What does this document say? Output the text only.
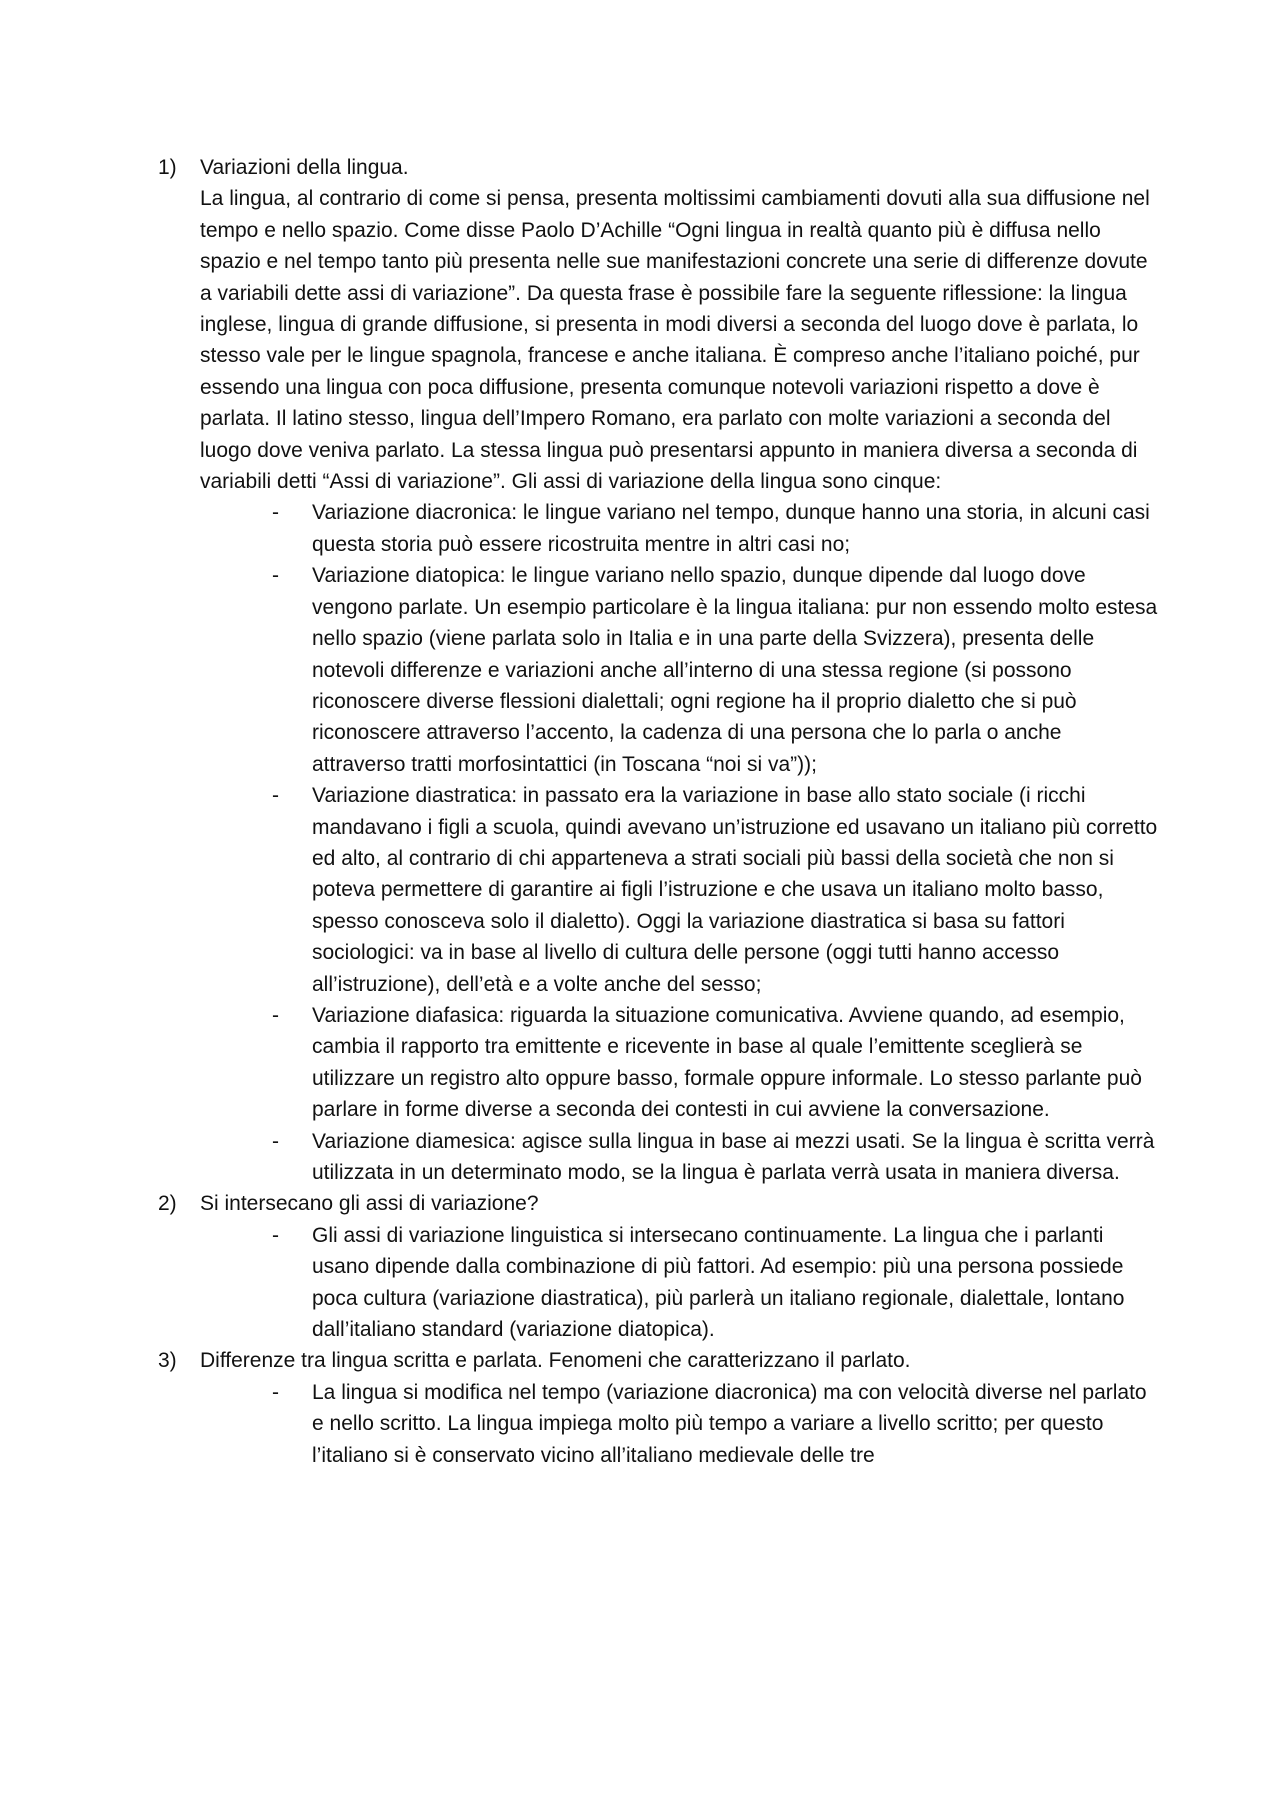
1) Variazioni della lingua.
La lingua, al contrario di come si pensa, presenta moltissimi cambiamenti dovuti alla sua diffusione nel tempo e nello spazio. Come disse Paolo D’Achille “Ogni lingua in realtà quanto più è diffusa nello spazio e nel tempo tanto più presenta nelle sue manifestazioni concrete una serie di differenze dovute a variabili dette assi di variazione”. Da questa frase è possibile fare la seguente riflessione: la lingua inglese, lingua di grande diffusione, si presenta in modi diversi a seconda del luogo dove è parlata, lo stesso vale per le lingue spagnola, francese e anche italiana. È compreso anche l’italiano poiché, pur essendo una lingua con poca diffusione, presenta comunque notevoli variazioni rispetto a dove è parlata. Il latino stesso, lingua dell’Impero Romano, era parlato con molte variazioni a seconda del luogo dove veniva parlato. La stessa lingua può presentarsi appunto in maniera diversa a seconda di variabili detti “Assi di variazione”. Gli assi di variazione della lingua sono cinque:
- Variazione diacronica: le lingue variano nel tempo, dunque hanno una storia, in alcuni casi questa storia può essere ricostruita mentre in altri casi no;
- Variazione diatopica: le lingue variano nello spazio, dunque dipende dal luogo dove vengono parlate. Un esempio particolare è la lingua italiana: pur non essendo molto estesa nello spazio (viene parlata solo in Italia e in una parte della Svizzera), presenta delle notevoli differenze e variazioni anche all’interno di una stessa regione (si possono riconoscere diverse flessioni dialettali; ogni regione ha il proprio dialetto che si può riconoscere attraverso l’accento, la cadenza di una persona che lo parla o anche attraverso tratti morfosintattici (in Toscana “noi si va”));
- Variazione diastratica: in passato era la variazione in base allo stato sociale (i ricchi mandavano i figli a scuola, quindi avevano un’istruzione ed usavano un italiano più corretto ed alto, al contrario di chi apparteneva a strati sociali più bassi della società che non si poteva permettere di garantire ai figli l’istruzione e che usava un italiano molto basso, spesso conosceva solo il dialetto). Oggi la variazione diastratica si basa su fattori sociologici: va in base al livello di cultura delle persone (oggi tutti hanno accesso all’istruzione), dell’età e a volte anche del sesso;
- Variazione diafasica: riguarda la situazione comunicativa. Avviene quando, ad esempio, cambia il rapporto tra emittente e ricevente in base al quale l’emittente sceglierà se utilizzare un registro alto oppure basso, formale oppure informale. Lo stesso parlante può parlare in forme diverse a seconda dei contesti in cui avviene la conversazione.
- Variazione diamesica: agisce sulla lingua in base ai mezzi usati. Se la lingua è scritta verrà utilizzata in un determinato modo, se la lingua è parlata verrà usata in maniera diversa.
2) Si intersecano gli assi di variazione?
- Gli assi di variazione linguistica si intersecano continuamente. La lingua che i parlanti usano dipende dalla combinazione di più fattori. Ad esempio: più una persona possiede poca cultura (variazione diastratica), più parlerà un italiano regionale, dialettale, lontano dall’italiano standard (variazione diatopica).
3) Differenze tra lingua scritta e parlata. Fenomeni che caratterizzano il parlato.
- La lingua si modifica nel tempo (variazione diacronica) ma con velocità diverse nel parlato e nello scritto. La lingua impiega molto più tempo a variare a livello scritto; per questo l’italiano si è conservato vicino all’italiano medievale delle tre
